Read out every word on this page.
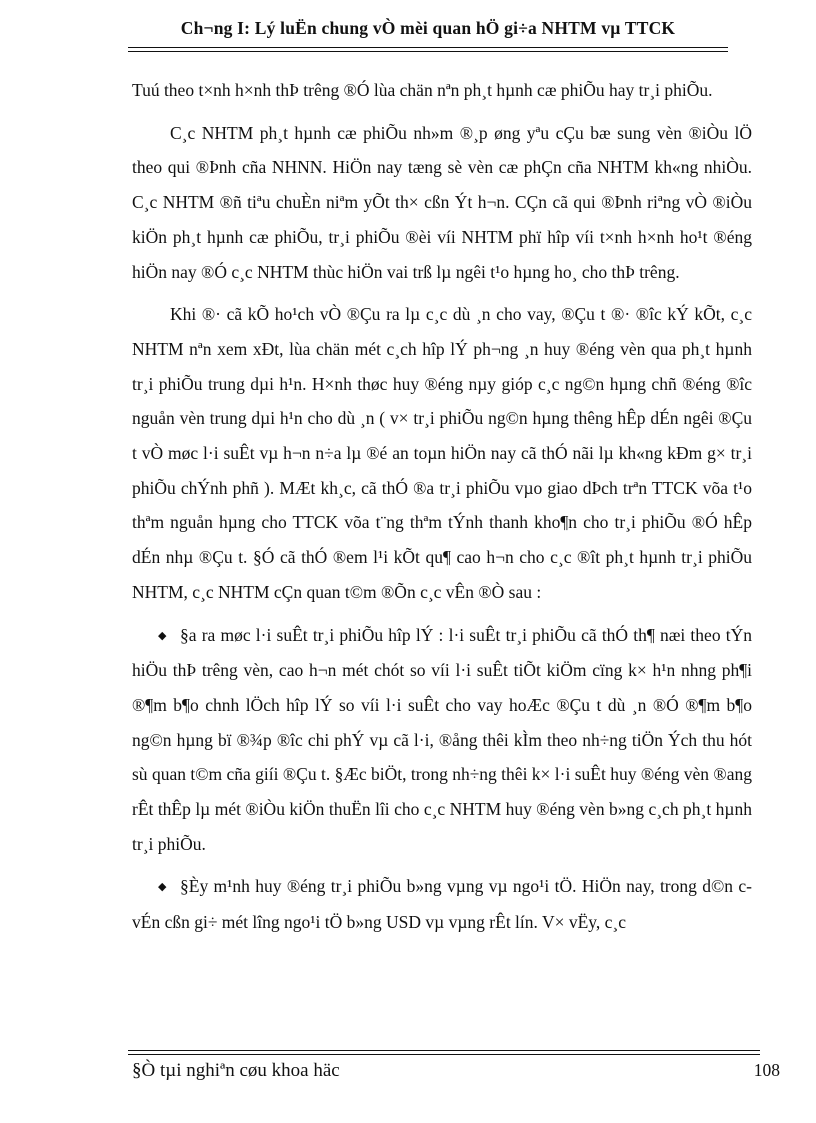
Ch¬ng I: Lý luËn chung vÒ mèi quan hÖ gi÷a NHTM vµ TTCK

Tuú theo t×nh h×nh thÞ trêng ®Ó lùa chän nªn ph¸t hµnh cæ phiÕu hay tr¸i phiÕu.

C¸c NHTM ph¸t hµnh cæ phiÕu nh»m ®¸p øng yªu cÇu bæ sung vèn ®iÒu lÖ theo qui ®Þnh cña NHNN. HiÖn nay tæng sè vèn cæ phÇn cña NHTM kh«ng nhiÒu. C¸c NHTM ®ñ tiªu chuÈn niªm yÕt th× cßn Ýt h¬n. CÇn cã qui ®Þnh riªng vÒ ®iÒu kiÖn ph¸t hµnh cæ phiÕu, tr¸i phiÕu ®èi víi NHTM phï hîp víi t×nh h×nh ho¹t ®éng hiÖn nay ®Ó c¸c NHTM thùc hiÖn vai trß lµ ngêi t¹o hµng ho¸ cho thÞ trêng.

Khi ®· cã kÕ ho¹ch vÒ ®Çu ra lµ c¸c dù ¸n cho vay, ®Çu t ®· ®îc kÝ kÕt, c¸c NHTM nªn xem xÐt, lùa chän mét c¸ch hîp lÝ ph¬ng ¸n huy ®éng vèn qua ph¸t hµnh tr¸i phiÕu trung dµi h¹n. H×nh thøc huy ®éng nµy gióp c¸c ng©n hµng chñ ®éng ®îc nguån vèn trung dµi h¹n cho dù ¸n ( v× tr¸i phiÕu ng©n hµng thêng hÊp dÉn ngêi ®Çu t vÒ møc l·i suÊt vµ h¬n n÷a lµ ®é an toµn hiÖn nay cã thÓ nãi lµ kh«ng kÐm g× tr¸i phiÕu chÝnh phñ ). MÆt kh¸c, cã thÓ ®a tr¸i phiÕu vµo giao dÞch trªn TTCK võa t¹o thªm nguån hµng cho TTCK võa t¨ng thªm tÝnh thanh kho¶n cho tr¸i phiÕu ®Ó hÊp dÉn nhµ ®Çu t. §Ó cã thÓ ®em l¹i kÕt qu¶ cao h¬n cho c¸c ®ît ph¸t hµnh tr¸i phiÕu NHTM, c¸c NHTM cÇn quan t©m ®Õn c¸c vÊn ®Ò sau :

◆ §a ra møc l·i suÊt tr¸i phiÕu hîp lÝ : l·i suÊt tr¸i phiÕu cã thÓ th¶ næi theo tÝn hiÖu thÞ trêng vèn, cao h¬n mét chót so víi l·i suÊt tiÕt kiÖm cïng k× h¹n nhng ph¶i ®¶m b¶o chnh lÖch hîp lÝ so víi l·i suÊt cho vay hoÆc ®Çu t dù ¸n ®Ó ®¶m b¶o ng©n hµng bï ®¾p ®îc chi phÝ vµ cã l·i, ®ång thêi kÌm theo nh÷ng tiÖn Ých thu hót sù quan t©m cña giíi ®Çu t. §Æc biÖt, trong nh÷ng thêi k× l·i suÊt huy ®éng vèn ®ang rÊt thÊp lµ mét ®iÒu kiÖn thuËn lîi cho c¸c NHTM huy ®éng vèn b»ng c¸ch ph¸t hµnh tr¸i phiÕu.

◆ §Èy m¹nh huy ®éng tr¸i phiÕu b»ng vµng vµ ngo¹i tÖ. HiÖn nay, trong d©n c vÉn cßn gi÷ mét lîng ngo¹i tÖ b»ng USD vµ vµng rÊt lín. V× vËy, c¸c

§Ò tµi nghiªn cøu khoa häc	108
